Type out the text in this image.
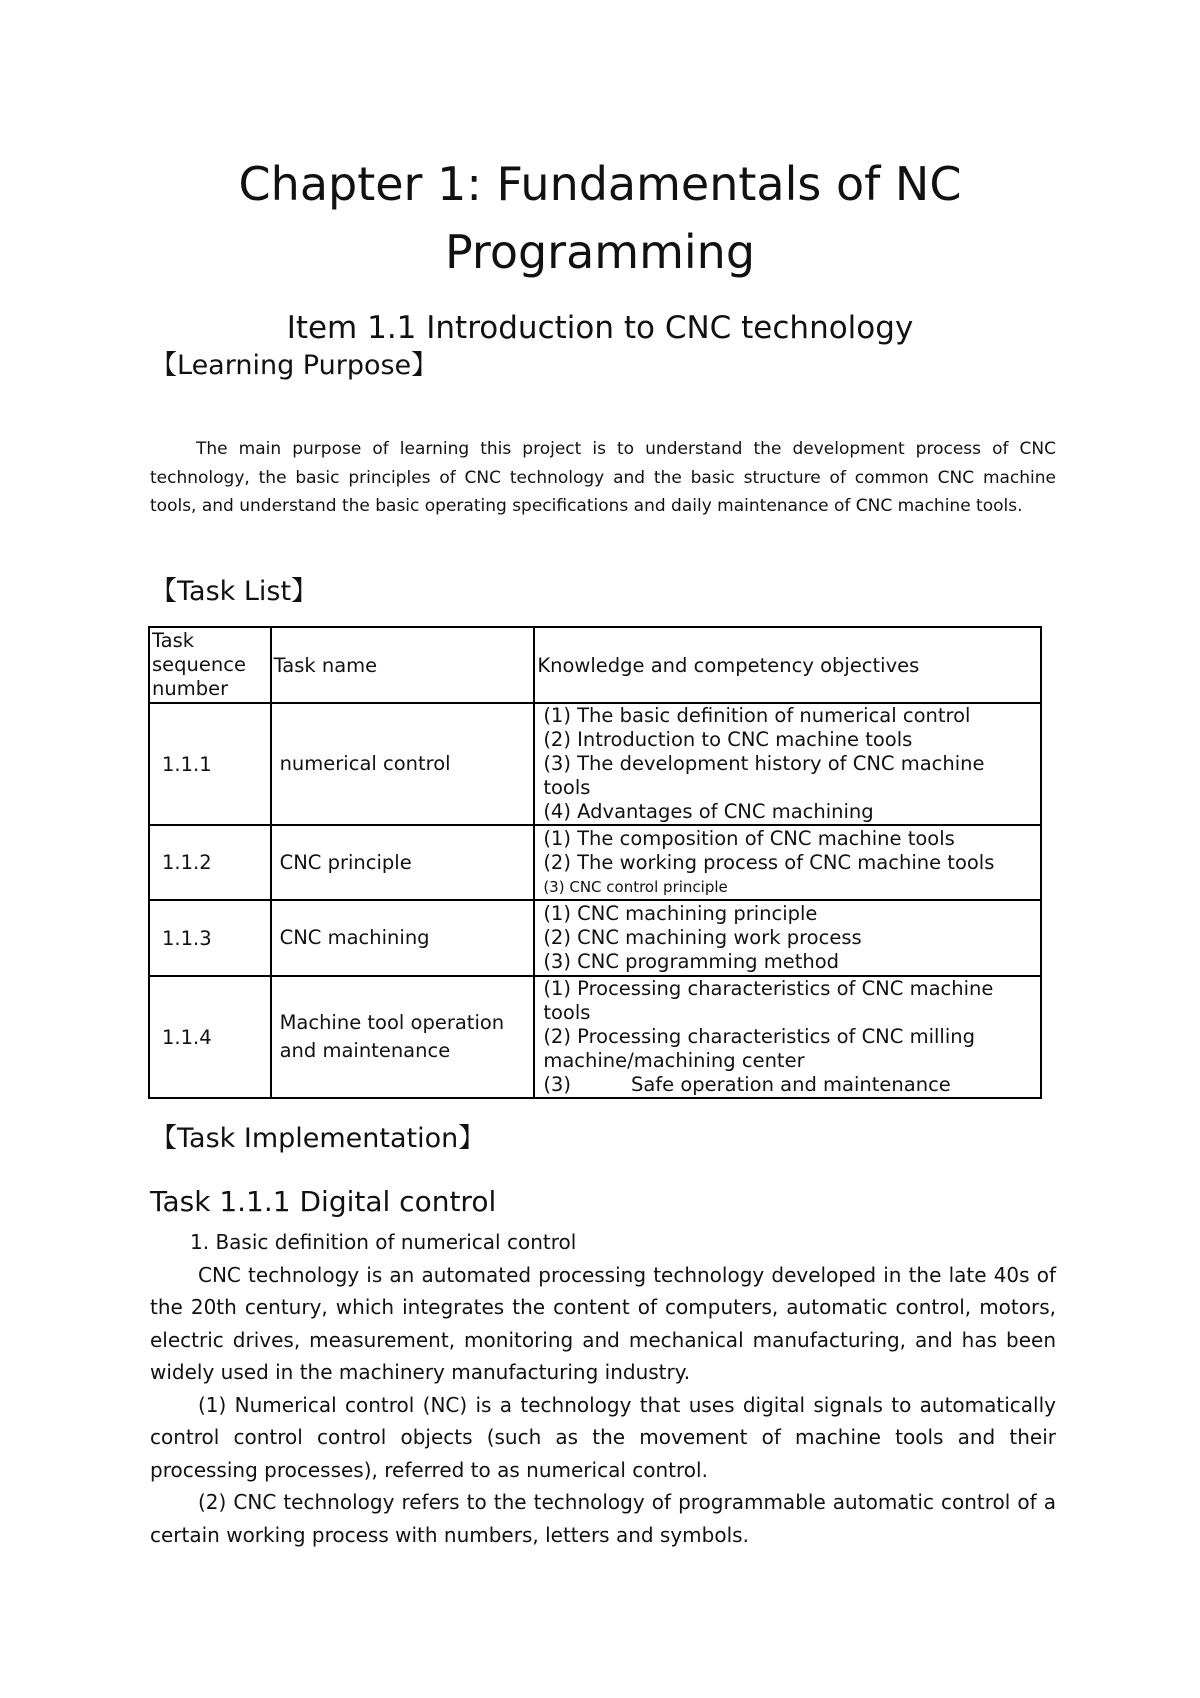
Chapter 1: Fundamentals of NC
Programming
Item 1.1 Introduction to CNC technology
【Learning Purpose】

The main purpose of learning this project is to understand the development process of CNC technology, the basic principles of CNC technology and the basic structure of common CNC machine tools, and understand the basic operating specifications and daily maintenance of CNC machine tools.

【Task List】
Task sequence number	Task name	Knowledge and competency objectives
1.1.1	numerical control	(1) The basic definition of numerical control
(2) Introduction to CNC machine tools
(3) The development history of CNC machine tools
(4) Advantages of CNC machining

1.1.2	CNC principle	(1) The composition of CNC machine tools
(2) The working process of CNC machine tools
(3) CNC control principle

1.1.3	CNC machining	(1) CNC machining principle
(2) CNC machining work process
(3) CNC programming method

1.1.4	Machine tool operation and maintenance	(1) Processing characteristics of CNC machine tools
(2) Processing characteristics of CNC milling machine/machining center
(3) Safe operation and maintenance
【Task Implementation】
Task 1.1.1 Digital control

1. Basic definition of numerical control

CNC technology is an automated processing technology developed in the late 40s of the 20th century, which integrates the content of computers, automatic control, motors, electric drives, measurement, monitoring and mechanical manufacturing, and has been widely used in the machinery manufacturing industry.

(1) Numerical control (NC) is a technology that uses digital signals to automatically control control control objects (such as the movement of machine tools and their processing processes), referred to as numerical control.

(2) CNC technology refers to the technology of programmable automatic control of a certain working process with numbers, letters and symbols.
